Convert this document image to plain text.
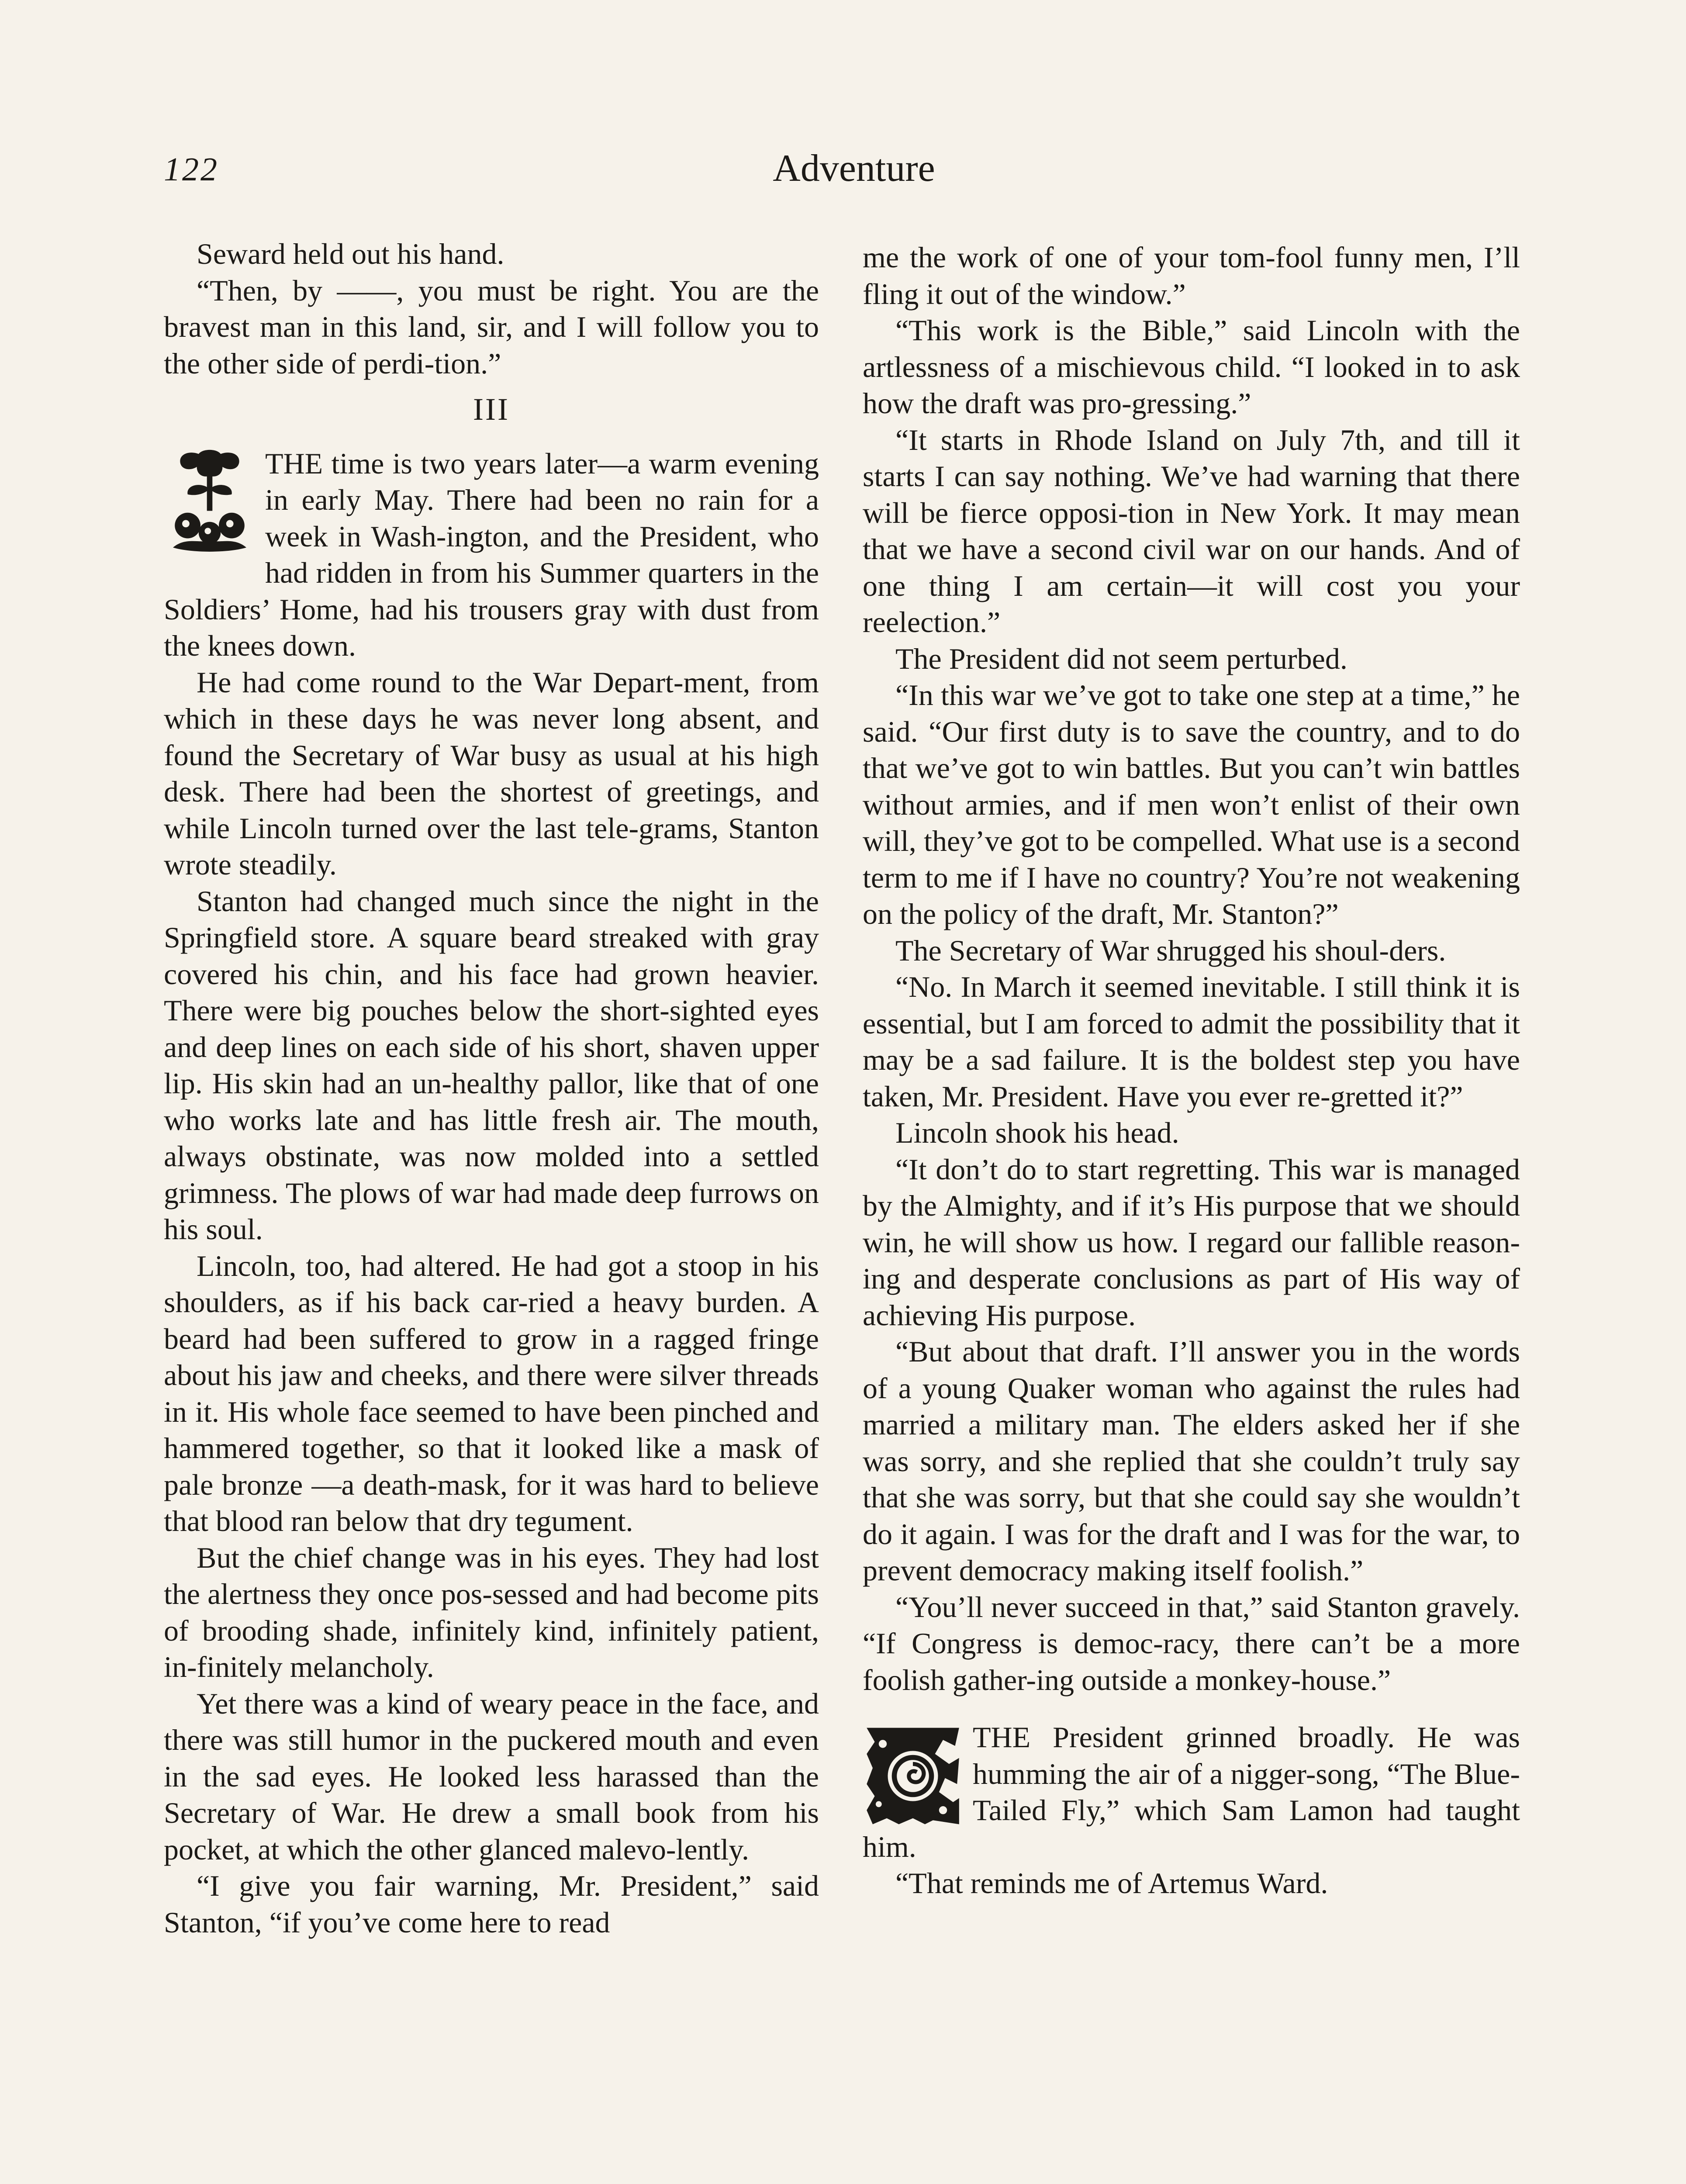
122	Adventure

Seward held out his hand.

“Then, by ——, you must be right. You are the bravest man in this land, sir, and I will follow you to the other side of perdi-tion.”

III

THE time is two years later—a warm evening in early May. There had been no rain for a week in Wash-ington, and the President, who had ridden in from his Summer quarters in the Soldiers’ Home, had his trousers gray with dust from the knees down.

He had come round to the War Depart-ment, from which in these days he was never long absent, and found the Secretary of War busy as usual at his high desk. There had been the shortest of greetings, and while Lincoln turned over the last tele-grams, Stanton wrote steadily.

Stanton had changed much since the night in the Springfield store. A square beard streaked with gray covered his chin, and his face had grown heavier. There were big pouches below the short-sighted eyes and deep lines on each side of his short, shaven upper lip. His skin had an un-healthy pallor, like that of one who works late and has little fresh air. The mouth, always obstinate, was now molded into a settled grimness. The plows of war had made deep furrows on his soul.

Lincoln, too, had altered. He had got a stoop in his shoulders, as if his back car-ried a heavy burden. A beard had been suffered to grow in a ragged fringe about his jaw and cheeks, and there were silver threads in it. His whole face seemed to have been pinched and hammered together, so that it looked like a mask of pale bronze —a death-mask, for it was hard to believe that blood ran below that dry tegument.

But the chief change was in his eyes. They had lost the alertness they once pos-sessed and had become pits of brooding shade, infinitely kind, infinitely patient, in-finitely melancholy.

Yet there was a kind of weary peace in the face, and there was still humor in the puckered mouth and even in the sad eyes. He looked less harassed than the Secretary of War. He drew a small book from his pocket, at which the other glanced malevo-lently.

“I give you fair warning, Mr. President,” said Stanton, “if you’ve come here to read

me the work of one of your tom-fool funny men, I’ll fling it out of the window.”

“This work is the Bible,” said Lincoln with the artlessness of a mischievous child. “I looked in to ask how the draft was pro-gressing.”

“It starts in Rhode Island on July 7th, and till it starts I can say nothing. We’ve had warning that there will be fierce opposi-tion in New York. It may mean that we have a second civil war on our hands. And of one thing I am certain—it will cost you your reelection.”

The President did not seem perturbed.

“In this war we’ve got to take one step at a time,” he said. “Our first duty is to save the country, and to do that we’ve got to win battles. But you can’t win battles without armies, and if men won’t enlist of their own will, they’ve got to be compelled. What use is a second term to me if I have no country? You’re not weakening on the policy of the draft, Mr. Stanton?”

The Secretary of War shrugged his shoul-ders.

“No. In March it seemed inevitable. I still think it is essential, but I am forced to admit the possibility that it may be a sad failure. It is the boldest step you have taken, Mr. President. Have you ever re-gretted it?”

Lincoln shook his head.

“It don’t do to start regretting. This war is managed by the Almighty, and if it’s His purpose that we should win, he will show us how. I regard our fallible reason-ing and desperate conclusions as part of His way of achieving His purpose.

“But about that draft. I’ll answer you in the words of a young Quaker woman who against the rules had married a military man. The elders asked her if she was sorry, and she replied that she couldn’t truly say that she was sorry, but that she could say she wouldn’t do it again. I was for the draft and I was for the war, to prevent democracy making itself foolish.”

“You’ll never succeed in that,” said Stanton gravely. “If Congress is democ-racy, there can’t be a more foolish gather-ing outside a monkey-house.”

THE President grinned broadly. He was humming the air of a nigger-song, “The Blue-Tailed Fly,” which Sam Lamon had taught him.

“That reminds me of Artemus Ward.
